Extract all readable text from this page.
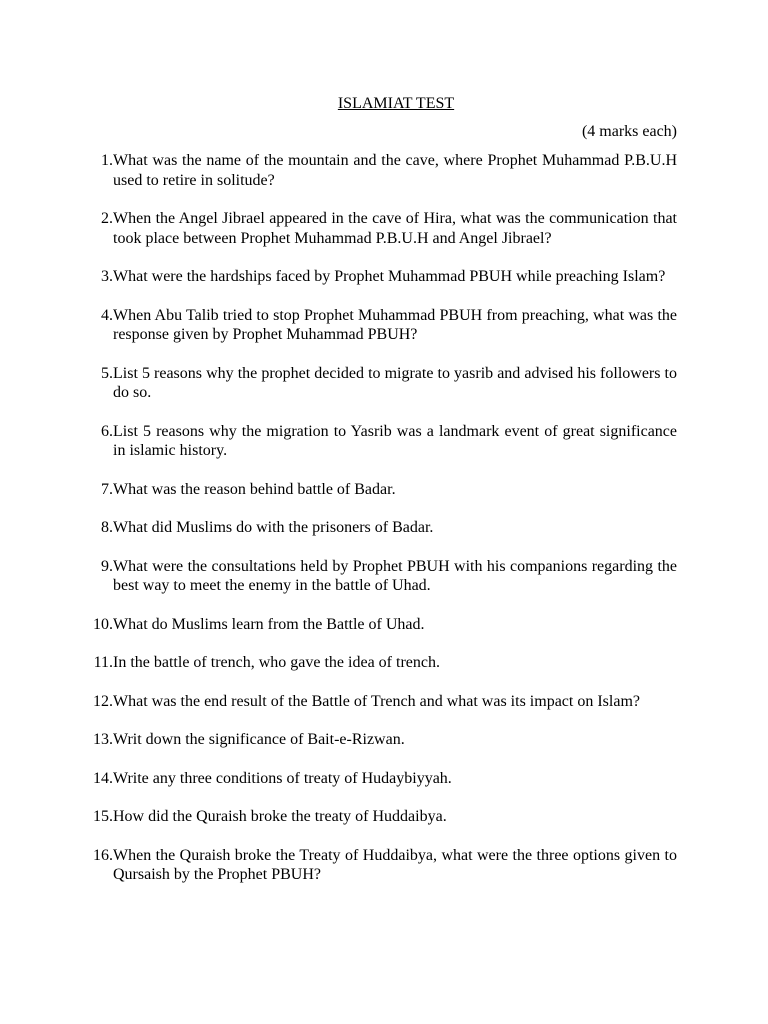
ISLAMIAT TEST
(4 marks each)
1. What was the name of the mountain and the cave, where Prophet Muhammad P.B.U.H used to retire in solitude?
2. When the Angel Jibrael appeared in the cave of Hira, what was the communication that took place between Prophet Muhammad P.B.U.H and Angel Jibrael?
3. What were the hardships faced by Prophet Muhammad PBUH while preaching Islam?
4. When Abu Talib tried to stop Prophet Muhammad PBUH from preaching, what was the response given by Prophet Muhammad PBUH?
5. List 5 reasons why the prophet decided to migrate to yasrib and advised his followers to do so.
6. List 5 reasons why the migration to Yasrib was a landmark event of great significance in islamic history.
7. What was the reason behind battle of Badar.
8. What did Muslims do with the prisoners of Badar.
9. What were the consultations held by Prophet PBUH with his companions regarding the best way to meet the enemy in the battle of Uhad.
10. What do Muslims learn from the Battle of Uhad.
11. In the battle of trench, who gave the idea of trench.
12. What was the end result of the Battle of Trench and what was its impact on Islam?
13. Writ down the significance of Bait-e-Rizwan.
14. Write any three conditions of treaty of Hudaybiyyah.
15. How did the Quraish broke the treaty of Huddaibya.
16. When the Quraish broke the Treaty of Huddaibya, what were the three options given to Qursaish by the Prophet PBUH?
